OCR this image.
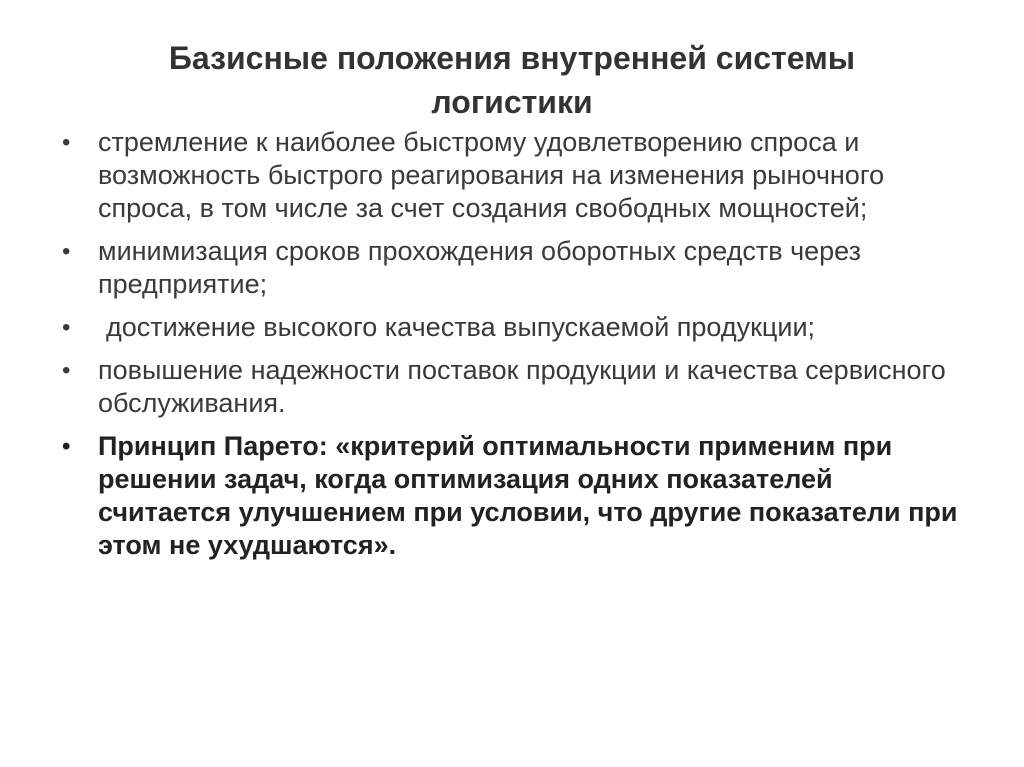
Базисные положения внутренней системы
логистики
• стремление к наиболее быстрому удовлетворению спроса и возможность быстрого реагирования на изменения рыночного спроса, в том числе за счет создания свободных мощностей;
• минимизация сроков прохождения оборотных средств через предприятие;
• достижение высокого качества выпускаемой продукции;
• повышение надежности поставок продукции и качества сервисного обслуживания.
• Принцип Парето: «критерий оптимальности применим при решении задач, когда оптимизация одних показателей считается улучшением при условии, что другие показатели при этом не ухудшаются».
